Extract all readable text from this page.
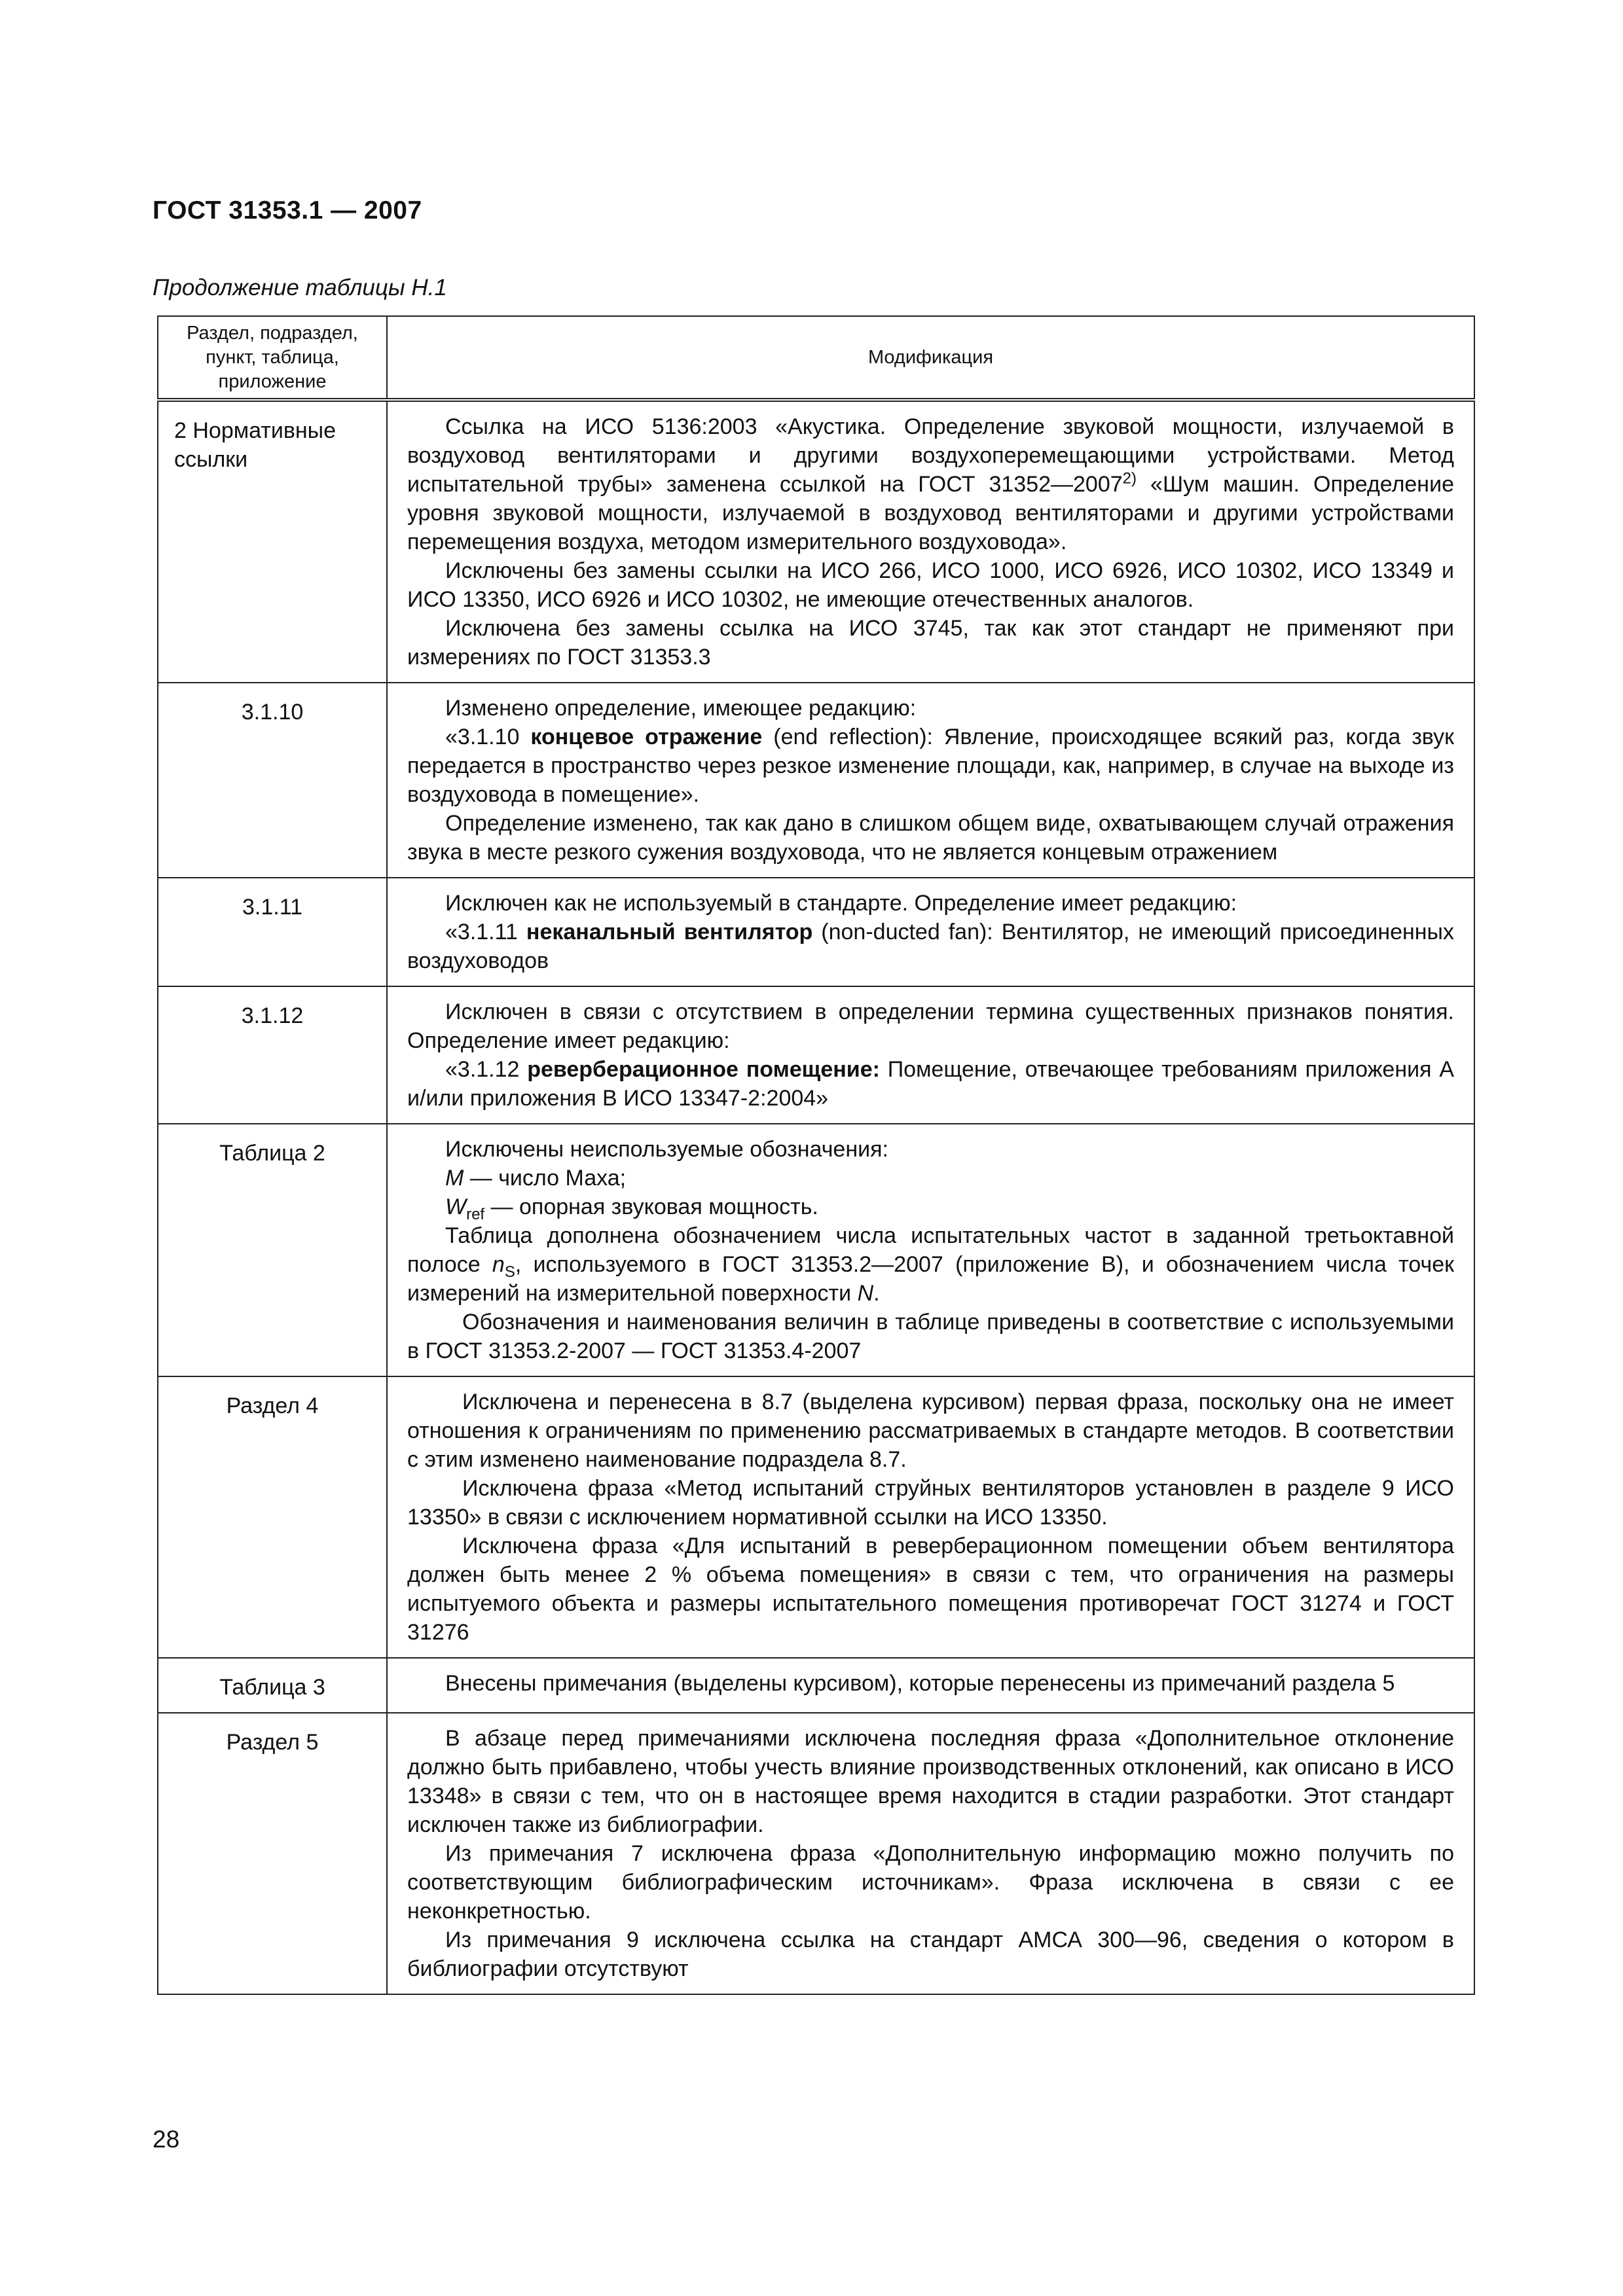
ГОСТ 31353.1 — 2007
Продолжение таблицы Н.1
Раздел, подраздел, пункт, таблица, приложение	Модификация
2 Нормативные ссылки	Ссылка на ИСО 5136:2003 «Акустика. Определение звуковой мощности, излучаемой в воздуховод вентиляторами и другими воздухоперемещающими устройствами. Метод испытательной трубы» заменена ссылкой на ГОСТ 31352—2007$^{2)}$ «Шум машин. Определение уровня звуковой мощности, излучаемой в воздуховод вентиляторами и другими устройствами перемещения воздуха, методом измерительного воздуховода».

Исключены без замены ссылки на ИСО 266, ИСО 1000, ИСО 6926, ИСО 10302, ИСО 13349 и ИСО 13350, ИСО 6926 и ИСО 10302, не имеющие отечественных аналогов.

Исключена без замены ссылка на ИСО 3745, так как этот стандарт не применяют при измерениях по ГОСТ 31353.3

3.1.10	Изменено определение, имеющее редакцию:

«3.1.10 концевое отражение (end reflection): Явление, происходящее всякий раз, когда звук передается в пространство через резкое изменение площади, как, например, в случае на выходе из воздуховода в помещение».

Определение изменено, так как дано в слишком общем виде, охватывающем случай отражения звука в месте резкого сужения воздуховода, что не является концевым отражением

3.1.11	Исключен как не используемый в стандарте. Определение имеет редакцию:

«3.1.11 неканальный вентилятор (non-ducted fan): Вентилятор, не имеющий присоединенных воздуховодов

3.1.12	Исключен в связи с отсутствием в определении термина существенных признаков понятия. Определение имеет редакцию:

«3.1.12 реверберационное помещение: Помещение, отвечающее требованиям приложения А и/или приложения В ИСО 13347-2:2004»

Таблица 2	Исключены неиспользуемые обозначения:

M — число Маха;

$W_{ref}$ — опорная звуковая мощность.

Таблица дополнена обозначением числа испытательных частот в заданной третьоктавной полосе $n_S$, используемого в ГОСТ 31353.2—2007 (приложение В), и обозначением числа точек измерений на измерительной поверхности N.

Обозначения и наименования величин в таблице приведены в соответствие с используемыми в ГОСТ 31353.2-2007 — ГОСТ 31353.4-2007

Раздел 4	Исключена и перенесена в 8.7 (выделена курсивом) первая фраза, поскольку она не имеет отношения к ограничениям по применению рассматриваемых в стандарте методов. В соответствии с этим изменено наименование подраздела 8.7.

Исключена фраза «Метод испытаний струйных вентиляторов установлен в разделе 9 ИСО 13350» в связи с исключением нормативной ссылки на ИСО 13350.

Исключена фраза «Для испытаний в реверберационном помещении объем вентилятора должен быть менее 2 % объема помещения» в связи с тем, что ограничения на размеры испытуемого объекта и размеры испытательного помещения противоречат ГОСТ 31274 и ГОСТ 31276

Таблица 3	Внесены примечания (выделены курсивом), которые перенесены из примечаний раздела 5

Раздел 5	В абзаце перед примечаниями исключена последняя фраза «Дополнительное отклонение должно быть прибавлено, чтобы учесть влияние производственных отклонений, как описано в ИСО 13348» в связи с тем, что он в настоящее время находится в стадии разработки. Этот стандарт исключен также из библиографии.

Из примечания 7 исключена фраза «Дополнительную информацию можно получить по соответствующим библиографическим источникам». Фраза исключена в связи с ее неконкретностью.

Из примечания 9 исключена ссылка на стандарт АМСА 300—96, сведения о котором в библиографии отсутствуют

28
